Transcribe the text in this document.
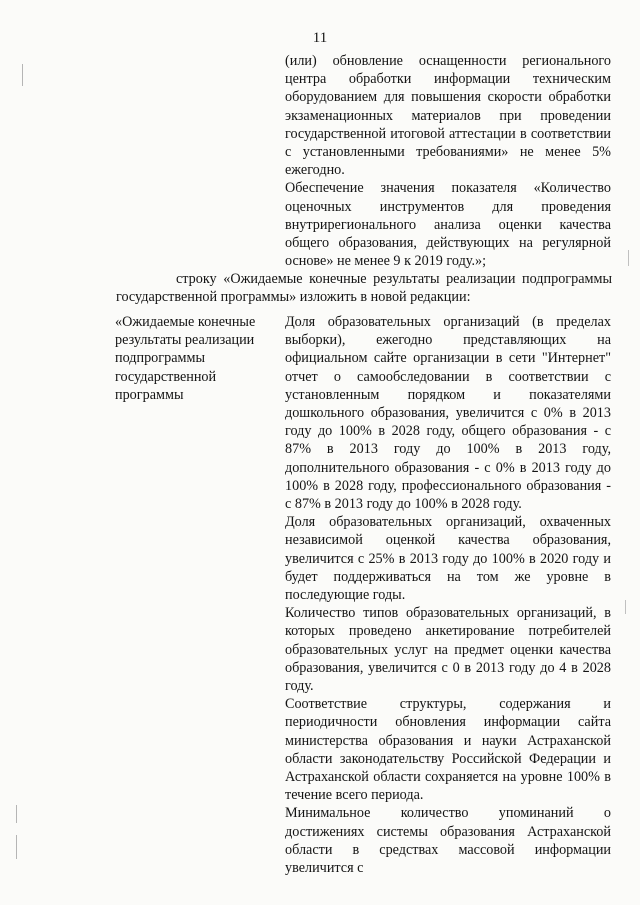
11

(или) обновление оснащенности регионального центра обработки информации техническим оборудованием для повышения скорости обработки экзаменационных материалов при проведении государственной итоговой аттестации в соответствии с установленными требованиями» не менее 5% ежегодно.

Обеспечение значения показателя «Количество оценочных инструментов для проведения внутрирегионального анализа оценки качества общего образования, действующих на регулярной основе» не менее 9 к 2019 году.»;

строку «Ожидаемые конечные результаты реализации подпрограммы государственной программы» изложить в новой редакции:

«Ожидаемые конечные результаты реализации подпрограммы государственной программы

Доля образовательных организаций (в пределах выборки), ежегодно представляющих на официальном сайте организации в сети "Интернет" отчет о самообследовании в соответствии с установленным порядком и показателями дошкольного образования, увеличится с 0% в 2013 году до 100% в 2028 году, общего образования - с 87% в 2013 году до 100% в 2013 году, дополнительного образования - с 0% в 2013 году до 100% в 2028 году, профессионального образования - с 87% в 2013 году до 100% в 2028 году.

Доля образовательных организаций, охваченных независимой оценкой качества образования, увеличится с 25% в 2013 году до 100% в 2020 году и будет поддерживаться на том же уровне в последующие годы.

Количество типов образовательных организаций, в которых проведено анкетирование потребителей образовательных услуг на предмет оценки качества образования, увеличится с 0 в 2013 году до 4 в 2028 году.

Соответствие структуры, содержания и периодичности обновления информации сайта министерства образования и науки Астраханской области законодательству Российской Федерации и Астраханской области сохраняется на уровне 100% в течение всего периода.

Минимальное количество упоминаний о достижениях системы образования Астраханской области в средствах массовой информации увеличится с
